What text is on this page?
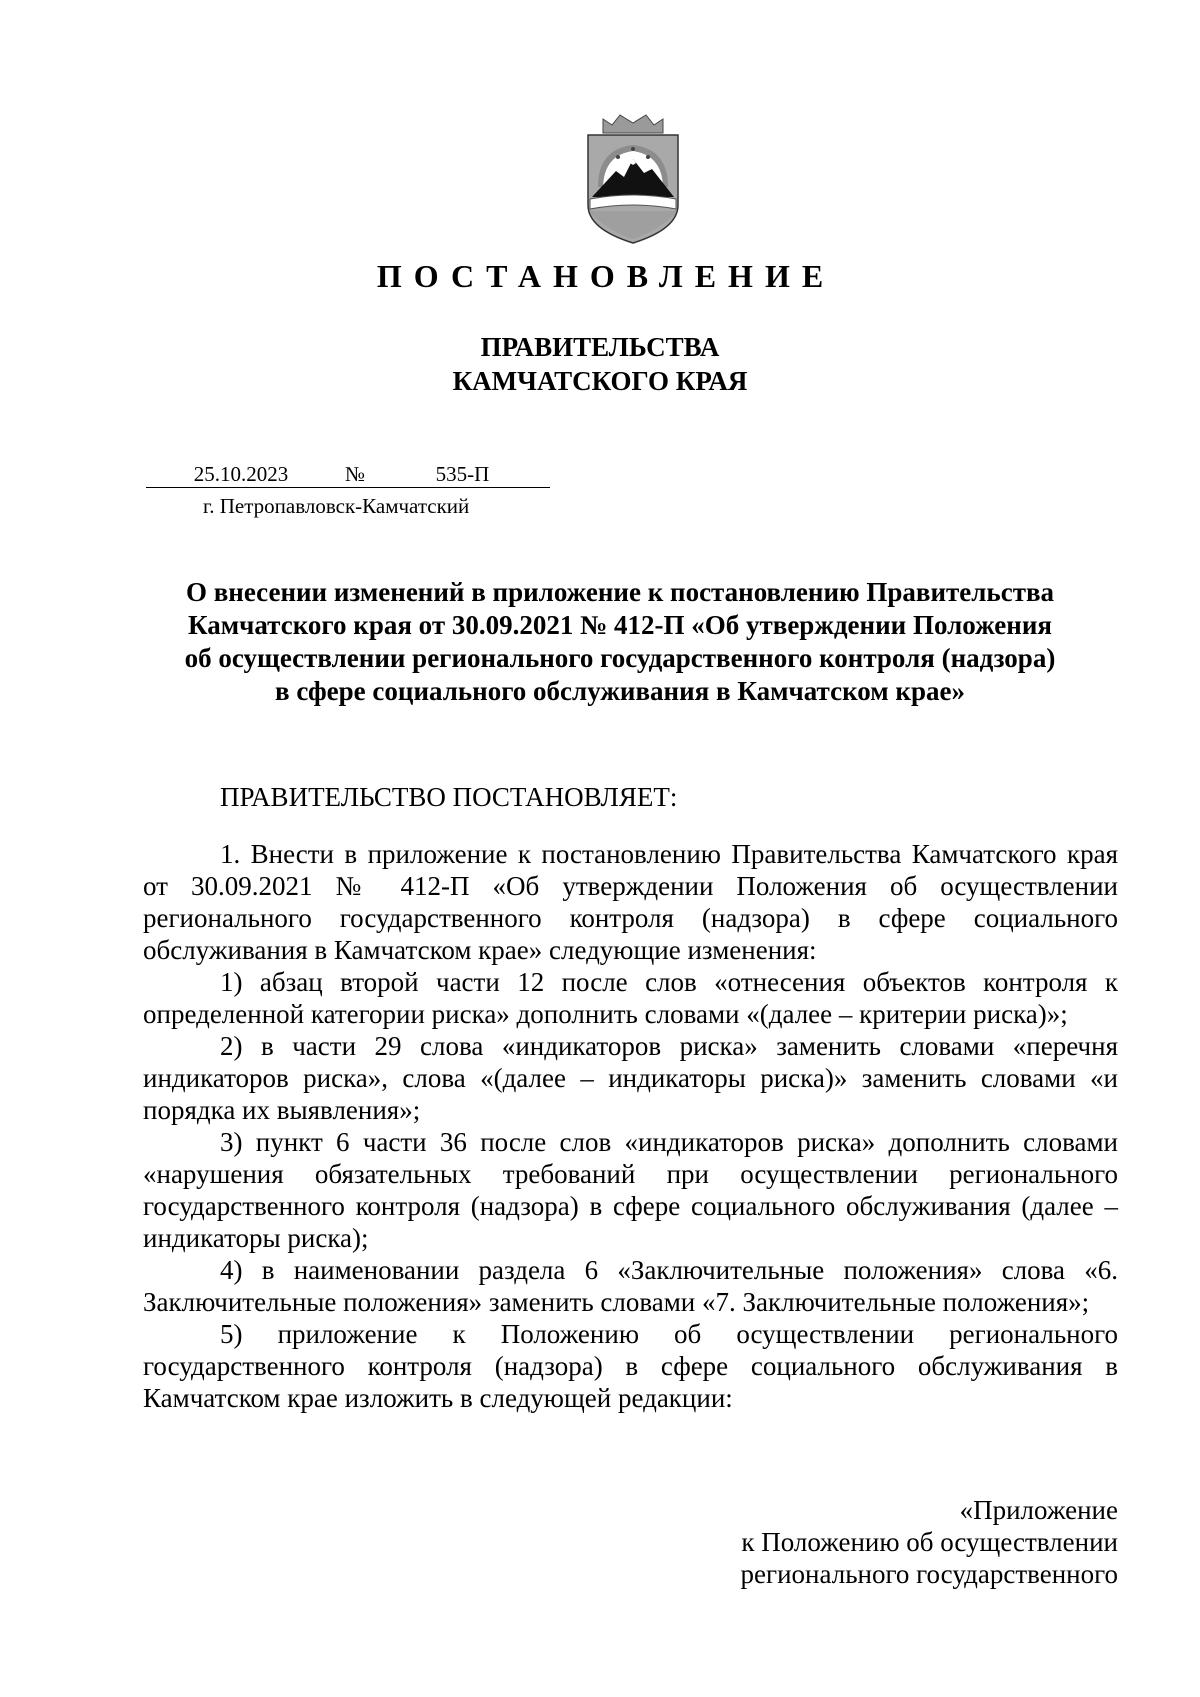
ПОСТАНОВЛЕНИЕ
ПРАВИТЕЛЬСТВА
КАМЧАТСКОГО КРАЯ
25.10.2023	№	535-П
г. Петропавловск-Камчатский
О внесении изменений в приложение к постановлению Правительства
Камчатского края от 30.09.2021 № 412-П «Об утверждении Положения
об осуществлении регионального государственного контроля (надзора)
в сфере социального обслуживания в Камчатском крае»
ПРАВИТЕЛЬСТВО ПОСТАНОВЛЯЕТ:

1. Внести в приложение к постановлению Правительства Камчатского края от 30.09.2021 № 412-П «Об утверждении Положения об осуществлении регионального государственного контроля (надзора) в сфере социального обслуживания в Камчатском крае» следующие изменения:

1) абзац второй части 12 после слов «отнесения объектов контроля к определенной категории риска» дополнить словами «(далее – критерии риска)»;

2) в части 29 слова «индикаторов риска» заменить словами «перечня индикаторов риска», слова «(далее – индикаторы риска)» заменить словами «и порядка их выявления»;

3) пункт 6 части 36 после слов «индикаторов риска» дополнить словами «нарушения обязательных требований при осуществлении регионального государственного контроля (надзора) в сфере социального обслуживания (далее – индикаторы риска);

4) в наименовании раздела 6 «Заключительные положения» слова «6. Заключительные положения» заменить словами «7. Заключительные положения»;

5) приложение к Положению об осуществлении регионального государственного контроля (надзора) в сфере социального обслуживания в Камчатском крае изложить в следующей редакции:

«Приложение
к Положению об осуществлении
регионального государственного
